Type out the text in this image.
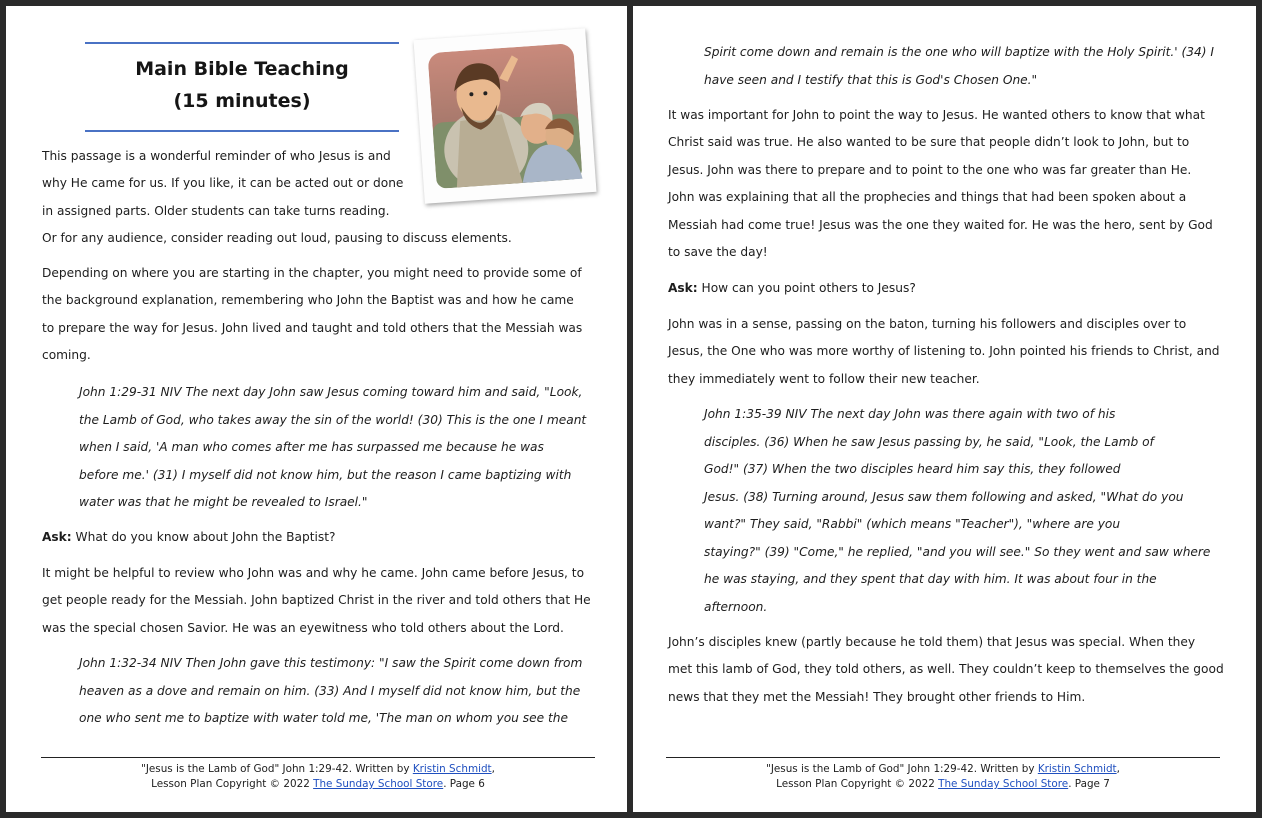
Main Bible Teaching
(15 minutes)
This passage is a wonderful reminder of who Jesus is and
why He came for us. If you like, it can be acted out or done
in assigned parts. Older students can take turns reading.
Or for any audience, consider reading out loud, pausing to discuss elements.
Depending on where you are starting in the chapter, you might need to provide some of
the background explanation, remembering who John the Baptist was and how he came
to prepare the way for Jesus. John lived and taught and told others that the Messiah was
coming.
John 1:29-31 NIV The next day John saw Jesus coming toward him and said, "Look,
the Lamb of God, who takes away the sin of the world! (30) This is the one I meant
when I said, 'A man who comes after me has surpassed me because he was
before me.' (31) I myself did not know him, but the reason I came baptizing with
water was that he might be revealed to Israel."
Ask: What do you know about John the Baptist?
It might be helpful to review who John was and why he came. John came before Jesus, to
get people ready for the Messiah. John baptized Christ in the river and told others that He
was the special chosen Savior. He was an eyewitness who told others about the Lord.
John 1:32-34 NIV Then John gave this testimony: "I saw the Spirit come down from
heaven as a dove and remain on him. (33) And I myself did not know him, but the
one who sent me to baptize with water told me, 'The man on whom you see the
"Jesus is the Lamb of God" John 1:29-42. Written by Kristin Schmidt,
Lesson Plan Copyright © 2022 The Sunday School Store. Page 6
Spirit come down and remain is the one who will baptize with the Holy Spirit.' (34) I
have seen and I testify that this is God's Chosen One."
It was important for John to point the way to Jesus. He wanted others to know that what
Christ said was true. He also wanted to be sure that people didn’t look to John, but to
Jesus. John was there to prepare and to point to the one who was far greater than He.
John was explaining that all the prophecies and things that had been spoken about a
Messiah had come true! Jesus was the one they waited for. He was the hero, sent by God
to save the day!
Ask: How can you point others to Jesus?
John was in a sense, passing on the baton, turning his followers and disciples over to
Jesus, the One who was more worthy of listening to. John pointed his friends to Christ, and
they immediately went to follow their new teacher.
John 1:35-39 NIV The next day John was there again with two of his
disciples. (36) When he saw Jesus passing by, he said, "Look, the Lamb of
God!" (37) When the two disciples heard him say this, they followed
Jesus. (38) Turning around, Jesus saw them following and asked, "What do you
want?" They said, "Rabbi" (which means "Teacher"), "where are you
staying?" (39) "Come," he replied, "and you will see." So they went and saw where
he was staying, and they spent that day with him. It was about four in the
afternoon.
John’s disciples knew (partly because he told them) that Jesus was special. When they
met this lamb of God, they told others, as well. They couldn’t keep to themselves the good
news that they met the Messiah! They brought other friends to Him.
"Jesus is the Lamb of God" John 1:29-42. Written by Kristin Schmidt,
Lesson Plan Copyright © 2022 The Sunday School Store. Page 7
